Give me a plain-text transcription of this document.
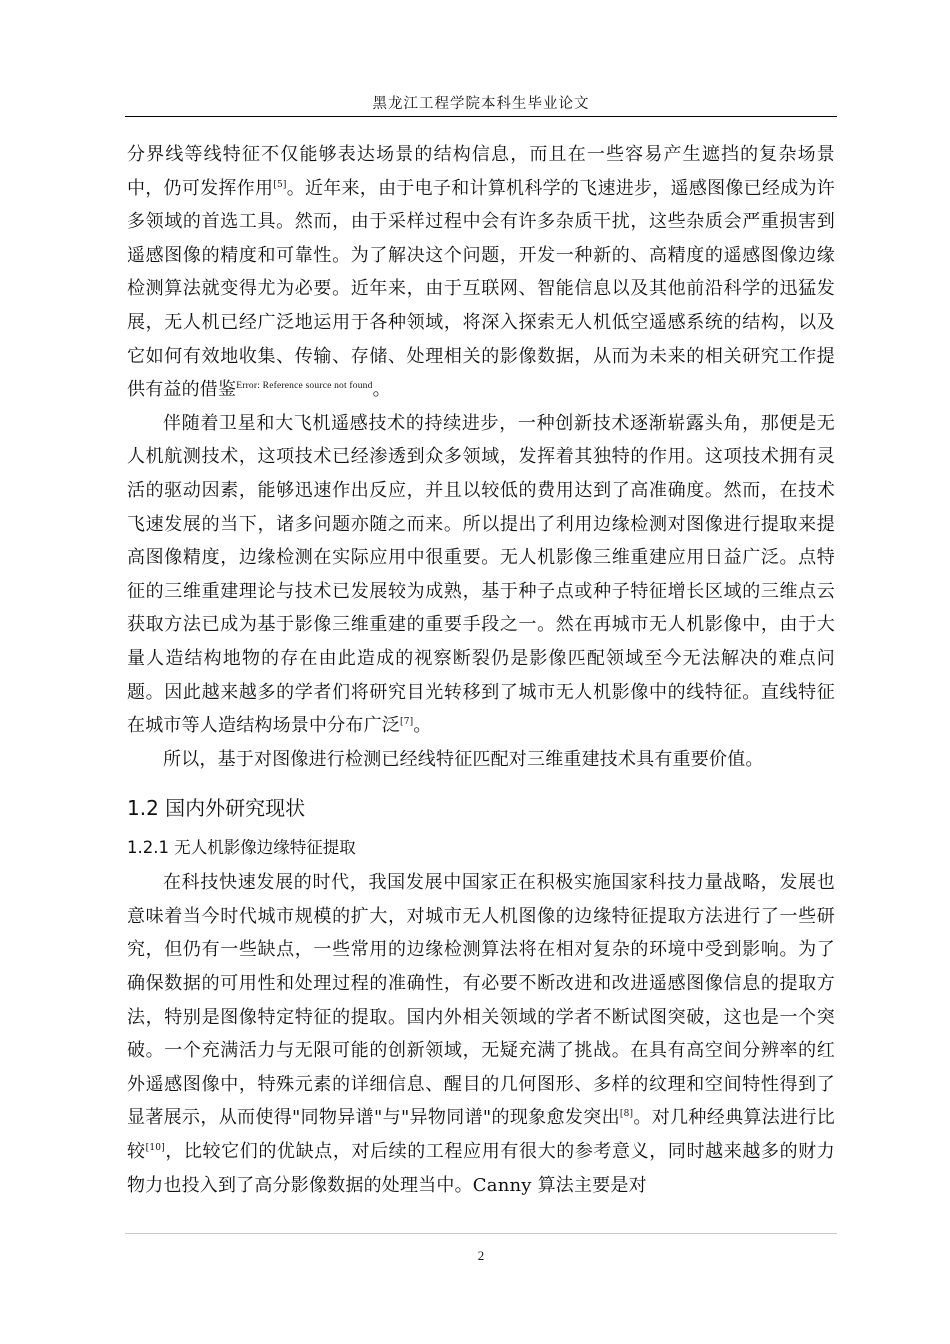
黑龙江工程学院本科生毕业论文

分界线等线特征不仅能够表达场景的结构信息，而且在一些容易产生遮挡的复杂场景中，仍可发挥作用[5]。近年来，由于电子和计算机科学的飞速进步，遥感图像已经成为许多领域的首选工具。然而，由于采样过程中会有许多杂质干扰，这些杂质会严重损害到遥感图像的精度和可靠性。为了解决这个问题，开发一种新的、高精度的遥感图像边缘检测算法就变得尤为必要。近年来，由于互联网、智能信息以及其他前沿科学的迅猛发展，无人机已经广泛地运用于各种领域，将深入探索无人机低空遥感系统的结构，以及它如何有效地收集、传输、存储、处理相关的影像数据，从而为未来的相关研究工作提供有益的借鉴$^{Error: Reference source not found}$。

伴随着卫星和大飞机遥感技术的持续进步，一种创新技术逐渐崭露头角，那便是无人机航测技术，这项技术已经渗透到众多领域，发挥着其独特的作用。这项技术拥有灵活的驱动因素，能够迅速作出反应，并且以较低的费用达到了高准确度。然而，在技术飞速发展的当下，诸多问题亦随之而来。所以提出了利用边缘检测对图像进行提取来提高图像精度，边缘检测在实际应用中很重要。无人机影像三维重建应用日益广泛。点特征的三维重建理论与技术已发展较为成熟，基于种子点或种子特征增长区域的三维点云获取方法已成为基于影像三维重建的重要手段之一。然在再城市无人机影像中，由于大量人造结构地物的存在由此造成的视察断裂仍是影像匹配领域至今无法解决的难点问题。因此越来越多的学者们将研究目光转移到了城市无人机影像中的线特征。直线特征在城市等人造结构场景中分布广泛[7]。

所以，基于对图像进行检测已经线特征匹配对三维重建技术具有重要价值。

1.2 国内外研究现状
1.2.1 无人机影像边缘特征提取

在科技快速发展的时代，我国发展中国家正在积极实施国家科技力量战略，发展也意味着当今时代城市规模的扩大，对城市无人机图像的边缘特征提取方法进行了一些研究，但仍有一些缺点，一些常用的边缘检测算法将在相对复杂的环境中受到影响。为了确保数据的可用性和处理过程的准确性，有必要不断改进和改进遥感图像信息的提取方法，特别是图像特定特征的提取。国内外相关领域的学者不断试图突破，这也是一个突破。一个充满活力与无限可能的创新领域，无疑充满了挑战。在具有高空间分辨率的红外遥感图像中，特殊元素的详细信息、醒目的几何图形、多样的纹理和空间特性得到了显著展示，从而使得"同物异谱"与"异物同谱"的现象愈发突出[8]。对几种经典算法进行比较[10]，比较它们的优缺点，对后续的工程应用有很大的参考意义，同时越来越多的财力物力也投入到了高分影像数据的处理当中。Canny 算法主要是对

2
